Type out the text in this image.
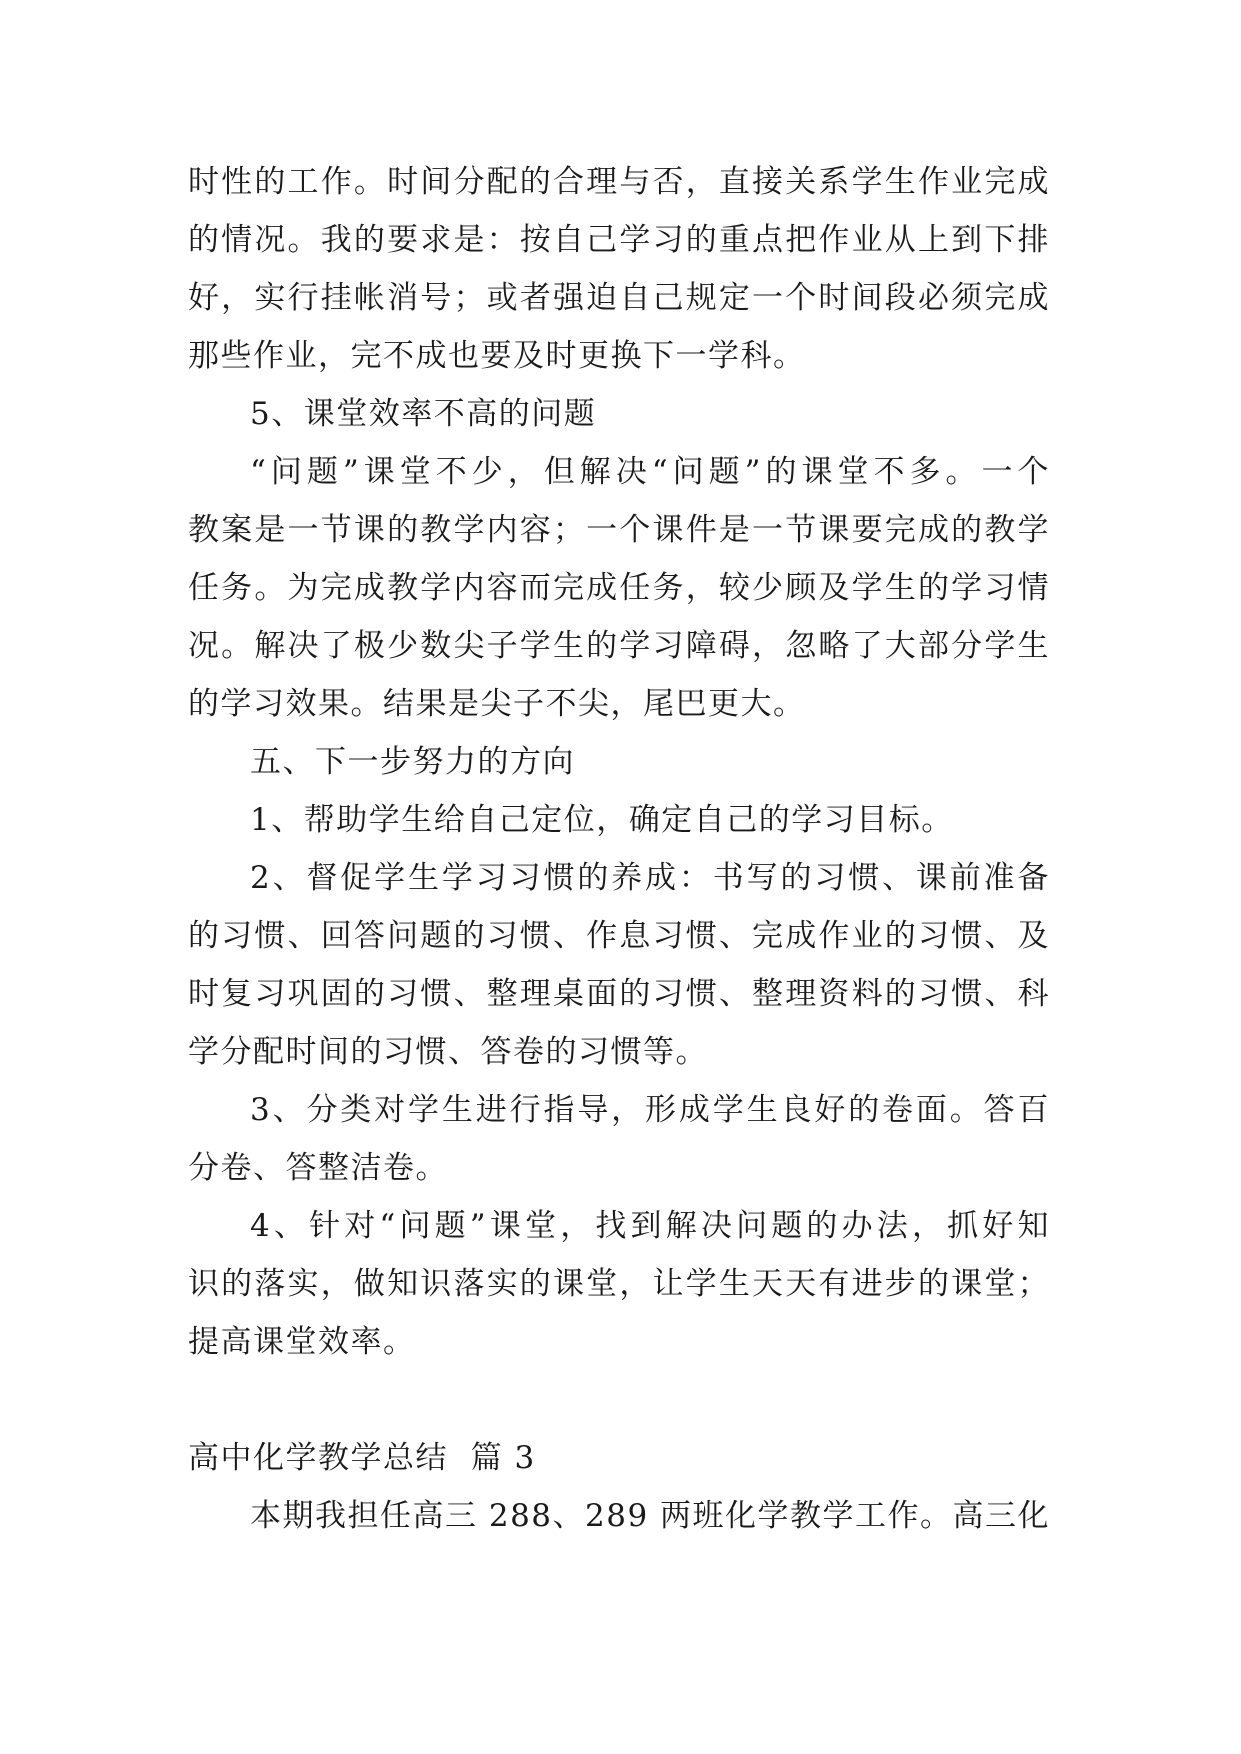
时性的工作。时间分配的合理与否，直接关系学生作业完成
的情况。我的要求是：按自己学习的重点把作业从上到下排
好，实行挂帐消号；或者强迫自己规定一个时间段必须完成
那些作业，完不成也要及时更换下一学科。
5、课堂效率不高的问题
“问题”课堂不少，但解决“问题”的课堂不多。一个
教案是一节课的教学内容；一个课件是一节课要完成的教学
任务。为完成教学内容而完成任务，较少顾及学生的学习情
况。解决了极少数尖子学生的学习障碍，忽略了大部分学生
的学习效果。结果是尖子不尖，尾巴更大。
五、下一步努力的方向
1、帮助学生给自己定位，确定自己的学习目标。
2、督促学生学习习惯的养成：书写的习惯、课前准备
的习惯、回答问题的习惯、作息习惯、完成作业的习惯、及
时复习巩固的习惯、整理桌面的习惯、整理资料的习惯、科
学分配时间的习惯、答卷的习惯等。
3、分类对学生进行指导，形成学生良好的卷面。答百
分卷、答整洁卷。
4、针对“问题”课堂，找到解决问题的办法，抓好知
识的落实，做知识落实的课堂，让学生天天有进步的课堂；
提高课堂效率。
高中化学教学总结  篇 3
本期我担任高三 288、289 两班化学教学工作。高三化
